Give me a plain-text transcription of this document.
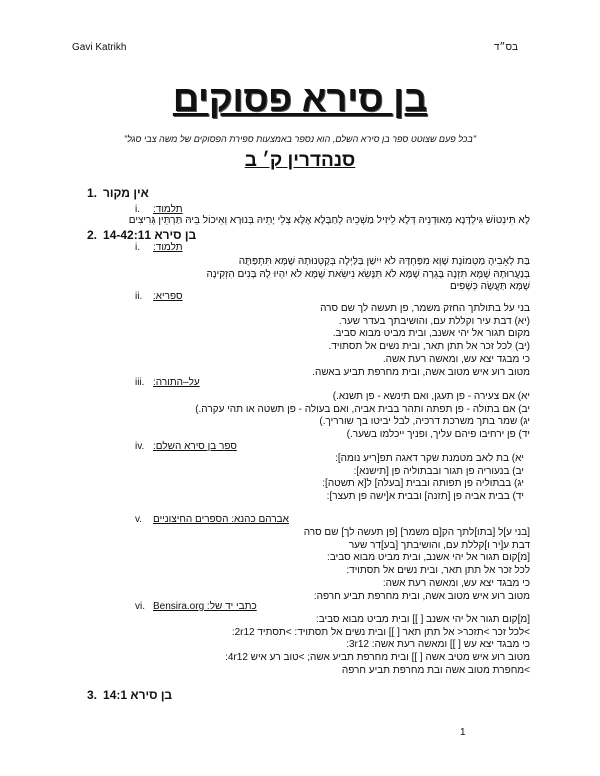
Gavi Katrikh	בס״ד
בן סירא פסוקים
"בכל פעם שצוטט ספר בן סירא השלם, הוא נספר באמצעות ספירת הפסוקים של משה צבי סגל"
סנהדרין ק׳ ב
1. אין מקור
i.	תלמוד:
לָא תִּינְטוֹשׁ גִּילְדָּנָא מֵאוּדְנֵיהּ דְּלָא לֵיזִיל מַשְׁכֵיהּ לְחַבָּלָא אֶלָּא צְלֵי יָתֵיהּ בְּנוּרָא וְאֵיכוֹל בֵּיהּ תַּרְתֵּין גְּרִיצִים
2. בן סירא 14-42:11
i.	תלמוד:
בַּת לְאָבִיהָ מַטְמוֹנֶת שָׁוְא מִפַּחְדָּהּ לֹא יִישַׁן בַּלַּיְלָה בְּקַטְנוּתָהּ שֶׁמָּא תִּתְפַּתֶּה
בְּנַעֲרוּתָהּ שֶׁמָּא תִּזְנֶה בָּגְרָה שֶׁמָּא לֹא תִּנָּשֵׂא נִישֵּׂאת שֶׁמָּא לֹא יִהְיוּ לָהּ בָּנִים הִזְקִינָה
שֶׁמָּא תַּעֲשֶׂה כְּשָׁפִים
ii.	ספריא:
בני על בתולתך החזק משמר, פן תעשה לך שם סרה
(יא) דבת עיר וקללת עם, והושיבתך בעדר שער.
מקום תגור אל יהי אשנב, ובית מביט מבוא סביב.
(יב) לכל זכר אל תתן תאר, ובית נשים אל תסתויד.
כי מבגד יצא עש, ומאשה רעת אשה.
מטוב רוע איש מטוב אשה, ובית מחרפת תביע באשה.
iii. על–התורה:
יא) אם צעירה - פן תעגן, ואם תינשא - פן תשנא.)
יב) אם בתולה - פן תפתה ותהר בבית אביה, ואם בעולה - פן תשטה או תהי עקרה.)
יג) שמר בתך משרכת דרכיה, לבל יביטו בך שורריך.)
יד) פן ירחיבו פיהם עליך, ופניך ייכלמו בשער.)
iv. ספר בן סירא השלם:
יא) בת לאב מטמנת שקר דאגה תפ[ריע נומה]:
יב) בנעוריה פן תגור ובבתוליה פן [תישנא]:
יג) בבתוליה פן תפותה ובבית [בעלה] ל[א תשטה]:
יד) בבית אביה פן [תזנה] ובבית א[ישה פן תעצר]:
v.	אברהם כהנא: הספרים החיצוניים
[בני ע]ל [בתו]לתך הק[ם משמר] [פן תעשה לך] שם סרה
דבת ע[יר ו]קללת עם, והושיבתך [בע]דר שער
[מ]קום תגור אל יהי אשנב, ובית מביט מבוא סביב:
לכל זכר אל תתן תאר, ובית נשים אל תסתויד:
כי מבגד יצא עש, ומאשה רעת אשה:
מטוב רוע איש מטוב אשה, ובית מחרפת תביע חרפה:
vi. כתבי יד של: Bensira.org
[מ]קום תגור אל יהי אשנב [ ]] ובית מביט מבוא סביב:
>לכל זכר >תזכר< אל תתן תאר [ ]] ובית נשים אל תסתויד: >תסתיד 2r12:
כי מבגד יצא עש [ ]] ומאשה רעת אשה: 3r12:
מטוב רוע איש מטיב אשה [ ]] ובית מחרפת תביע אשה; >טוב רע איש 4r12:
>מחפרת מטוב אשה ובת מחרפת תביע חרפה
3. בן סירא 14:1
1
